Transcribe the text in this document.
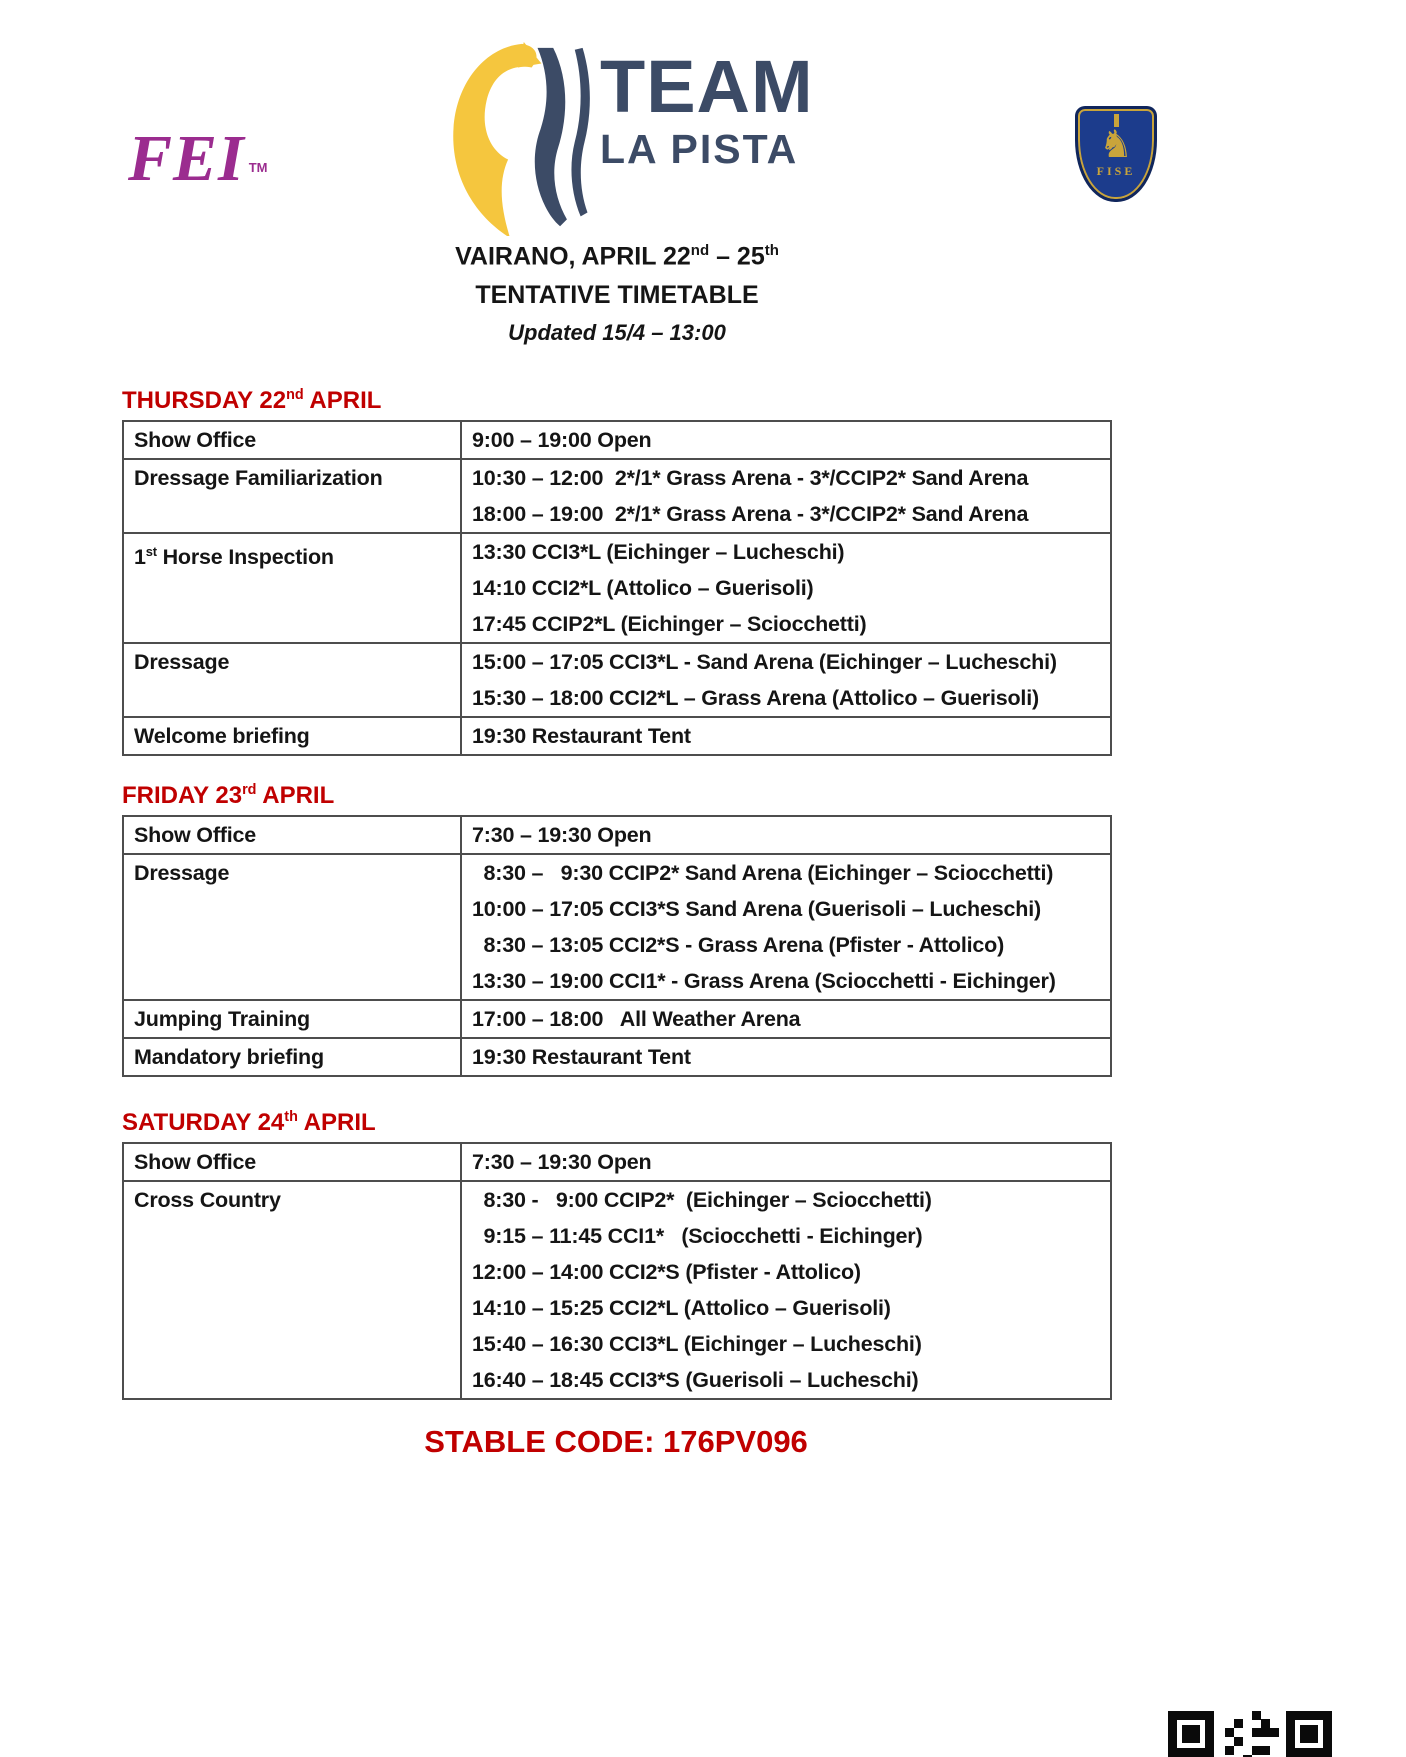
FEI ™
TEAM
LA PISTA	♞
FISE
VAIRANO, APRIL 22nd – 25th
TENTATIVE TIMETABLE
Updated 15/4 – 13:00
THURSDAY 22nd APRIL
Show Office	9:00 – 19:00 Open

Dressage Familiarization	10:30 – 12:00  2*/1* Grass Arena - 3*/CCIP2* Sand Arena
18:00 – 19:00  2*/1* Grass Arena - 3*/CCIP2* Sand Arena

1st Horse Inspection	13:30 CCI3*L (Eichinger – Lucheschi)
14:10 CCI2*L (Attolico – Guerisoli)
17:45 CCIP2*L (Eichinger – Sciocchetti)

Dressage	15:00 – 17:05 CCI3*L - Sand Arena (Eichinger – Lucheschi)
15:30 – 18:00 CCI2*L – Grass Arena (Attolico – Guerisoli)

Welcome briefing	19:30 Restaurant Tent
FRIDAY 23rd APRIL
Show Office	7:30 – 19:30 Open

Dressage	8:30 –   9:30 CCIP2* Sand Arena (Eichinger – Sciocchetti)
10:00 – 17:05 CCI3*S Sand Arena (Guerisoli – Lucheschi)
8:30 – 13:05 CCI2*S - Grass Arena (Pfister - Attolico)
13:30 – 19:00 CCI1* - Grass Arena (Sciocchetti - Eichinger)

Jumping Training	17:00 – 18:00   All Weather Arena

Mandatory briefing	19:30 Restaurant Tent
SATURDAY 24th APRIL
Show Office	7:30 – 19:30 Open

Cross Country	8:30 -   9:00 CCIP2*  (Eichinger – Sciocchetti)
9:15 – 11:45 CCI1*   (Sciocchetti - Eichinger)
12:00 – 14:00 CCI2*S (Pfister - Attolico)
14:10 – 15:25 CCI2*L (Attolico – Guerisoli)
15:40 – 16:30 CCI3*L (Eichinger – Lucheschi)
16:40 – 18:45 CCI3*S (Guerisoli – Lucheschi)
STABLE CODE: 176PV096
